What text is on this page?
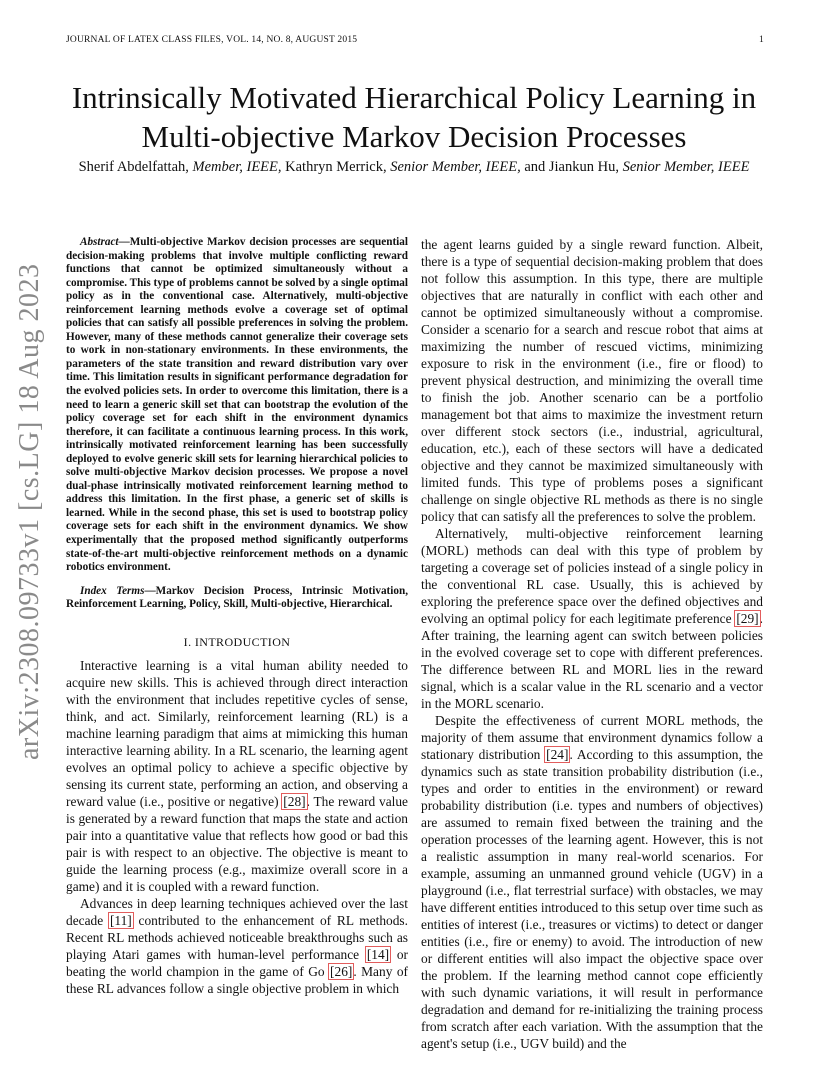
JOURNAL OF LATEX CLASS FILES, VOL. 14, NO. 8, AUGUST 2015	1
arXiv:2308.09733v1 [cs.LG] 18 Aug 2023
Intrinsically Motivated Hierarchical Policy Learning in Multi-objective Markov Decision Processes
Sherif Abdelfattah, Member, IEEE, Kathryn Merrick, Senior Member, IEEE, and Jiankun Hu, Senior Member, IEEE

Abstract—Multi-objective Markov decision processes are sequential decision-making problems that involve multiple conflicting reward functions that cannot be optimized simultaneously without a compromise. This type of problems cannot be solved by a single optimal policy as in the conventional case. Alternatively, multi-objective reinforcement learning methods evolve a coverage set of optimal policies that can satisfy all possible preferences in solving the problem. However, many of these methods cannot generalize their coverage sets to work in non-stationary environments. In these environments, the parameters of the state transition and reward distribution vary over time. This limitation results in significant performance degradation for the evolved policies sets. In order to overcome this limitation, there is a need to learn a generic skill set that can bootstrap the evolution of the policy coverage set for each shift in the environment dynamics therefore, it can facilitate a continuous learning process. In this work, intrinsically motivated reinforcement learning has been successfully deployed to evolve generic skill sets for learning hierarchical policies to solve multi-objective Markov decision processes. We propose a novel dual-phase intrinsically motivated reinforcement learning method to address this limitation. In the first phase, a generic set of skills is learned. While in the second phase, this set is used to bootstrap policy coverage sets for each shift in the environment dynamics. We show experimentally that the proposed method significantly outperforms state-of-the-art multi-objective reinforcement methods on a dynamic robotics environment.

Index Terms—Markov Decision Process, Intrinsic Motivation, Reinforcement Learning, Policy, Skill, Multi-objective, Hierarchical.

I. INTRODUCTION

Interactive learning is a vital human ability needed to acquire new skills. This is achieved through direct interaction with the environment that includes repetitive cycles of sense, think, and act. Similarly, reinforcement learning (RL) is a machine learning paradigm that aims at mimicking this human interactive learning ability. In a RL scenario, the learning agent evolves an optimal policy to achieve a specific objective by sensing its current state, performing an action, and observing a reward value (i.e., positive or negative) [28]. The reward value is generated by a reward function that maps the state and action pair into a quantitative value that reflects how good or bad this pair is with respect to an objective. The objective is meant to guide the learning process (e.g., maximize overall score in a game) and it is coupled with a reward function.

Advances in deep learning techniques achieved over the last decade [11] contributed to the enhancement of RL methods. Recent RL methods achieved noticeable breakthroughs such as playing Atari games with human-level performance [14] or beating the world champion in the game of Go [26]. Many of these RL advances follow a single objective problem in which

the agent learns guided by a single reward function. Albeit, there is a type of sequential decision-making problem that does not follow this assumption. In this type, there are multiple objectives that are naturally in conflict with each other and cannot be optimized simultaneously without a compromise. Consider a scenario for a search and rescue robot that aims at maximizing the number of rescued victims, minimizing exposure to risk in the environment (i.e., fire or flood) to prevent physical destruction, and minimizing the overall time to finish the job. Another scenario can be a portfolio management bot that aims to maximize the investment return over different stock sectors (i.e., industrial, agricultural, education, etc.), each of these sectors will have a dedicated objective and they cannot be maximized simultaneously with limited funds. This type of problems poses a significant challenge on single objective RL methods as there is no single policy that can satisfy all the preferences to solve the problem.

Alternatively, multi-objective reinforcement learning (MORL) methods can deal with this type of problem by targeting a coverage set of policies instead of a single policy in the conventional RL case. Usually, this is achieved by exploring the preference space over the defined objectives and evolving an optimal policy for each legitimate preference [29]. After training, the learning agent can switch between policies in the evolved coverage set to cope with different preferences. The difference between RL and MORL lies in the reward signal, which is a scalar value in the RL scenario and a vector in the MORL scenario.

Despite the effectiveness of current MORL methods, the majority of them assume that environment dynamics follow a stationary distribution [24]. According to this assumption, the dynamics such as state transition probability distribution (i.e., types and order to entities in the environment) or reward probability distribution (i.e. types and numbers of objectives) are assumed to remain fixed between the training and the operation processes of the learning agent. However, this is not a realistic assumption in many real-world scenarios. For example, assuming an unmanned ground vehicle (UGV) in a playground (i.e., flat terrestrial surface) with obstacles, we may have different entities introduced to this setup over time such as entities of interest (i.e., treasures or victims) to detect or danger entities (i.e., fire or enemy) to avoid. The introduction of new or different entities will also impact the objective space over the problem. If the learning method cannot cope efficiently with such dynamic variations, it will result in performance degradation and demand for re-initializing the training process from scratch after each variation. With the assumption that the agent's setup (i.e., UGV build) and the
